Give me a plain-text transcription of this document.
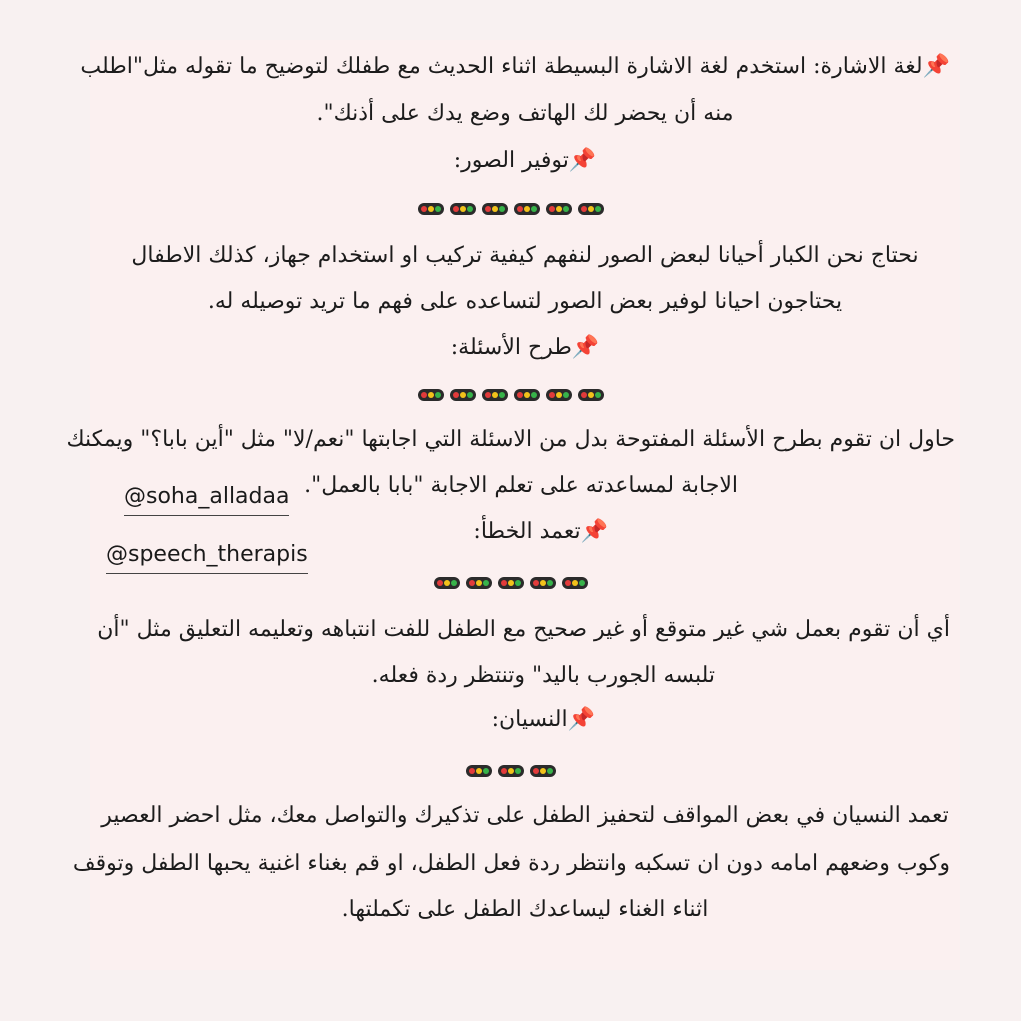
📌لغة الاشارة: استخدم لغة الاشارة البسيطة اثناء الحديث مع طفلك لتوضيح ما تقوله مثل"اطلب
منه أن يحضر لك الهاتف وضع يدك على أذنك".
📌توفير الصور:
نحتاج نحن الكبار أحيانا لبعض الصور لنفهم كيفية تركيب او استخدام جهاز، كذلك الاطفال
يحتاجون احيانا لوفير بعض الصور لتساعده على فهم ما تريد توصيله له.
📌طرح الأسئلة:
حاول ان تقوم بطرح الأسئلة المفتوحة بدل من الاسئلة التي اجابتها "نعم/لا" مثل "أين بابا؟" ويمكنك
الاجابة لمساعدته على تعلم الاجابة "بابا بالعمل".
📌تعمد الخطأ:
أي أن تقوم بعمل شي غير متوقع أو غير صحيح مع الطفل للفت انتباهه وتعليمه التعليق مثل "أن
تلبسه الجورب باليد" وتنتظر ردة فعله.
📌النسيان:
تعمد النسيان في بعض المواقف لتحفيز الطفل على تذكيرك والتواصل معك، مثل احضر العصير
وكوب وضعهم امامه دون ان تسكبه وانتظر ردة فعل الطفل، او قم بغناء اغنية يحبها الطفل وتوقف
اثناء الغناء ليساعدك الطفل على تكملتها.
@soha_alladaa
@speech_therapis
